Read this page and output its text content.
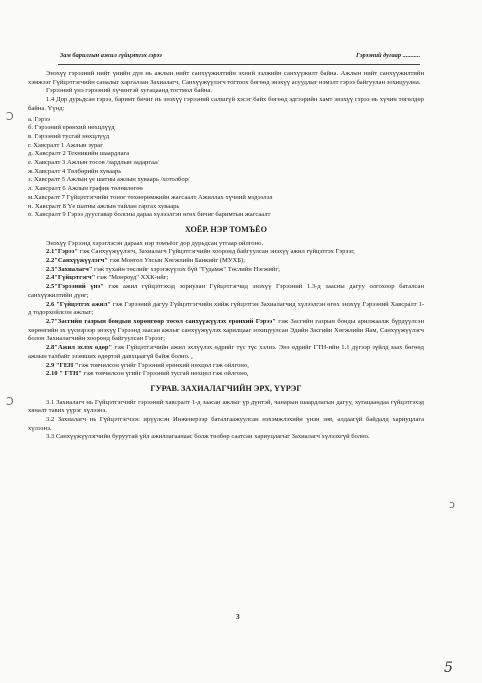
Зам барилгын ажил гүйцэтгэх гэрээ	Гэрээний дугаар ...........
Ɔ
Ɔ
ɔ

Энэхүү гэрээний нийт үнийн дүн нь ажлын нийт санхүүжилтийн эхний ээлжийн санхүүжилт байна. Ажлын нийт санхүүжилтийн хэмжээг Гүйцэтгэгчийн саналыг харгалзан Захиалагч, Санхүүжүүлэгч тогтоох бөгөөд энэхүү асуудлыг нэмэлт гэрээ байгуулан зохицуулна.

Гэрээний үнэ гэрээний хүчинтэй хугацаанд тогтмол байна.

1.4 Дор дурьдсан гэрээ, баримт бичиг нь энэхүү гэрээний салшгүй хэсэг байх бөгөөд эдгээрийн хамт энэхүү гэрээ нь хүчин төгөлдөр байна. Үүнд:

а. Гэрээ
б. Гэрээний ерөнхий нөхцлүүд
в. Гэрээний тусгай нөхцлүүд
г. Хавсралт 1 Ажлын зураг
д. Хавсралт 2 Техникийн шаардлага
е. Хавсралт 3 Ажлын тосов /зардлын задаргаа/
ж.Хавсралт 4 Төлбөрийн хуваарь
з. Хавсралт 5 Ажлын үе шатны ажлын хуваарь /хотолбор/
л. Хавсралт 6 Ажлын график төлөвлөгөө
м.Хавсралт 7 Гүйцэтгэгчийн тоног төхөөрөмжийн жагсаалт Ажиллах хүчний мэдээлэл
н. Хавсралт 8 Үе шатны ажлын тайлан гаргах хуваарь
о. Хавсралт 9 Гэрээ дуусгавар болсны дараа хүлээлгэн өгөх бичиг баримтын жагсаалт
ХОЁР. НЭР ТОМЪЁО

Энэхүү Гэрээнд хэрэглэсэн дараах нэр томъёог дор дурьдсан утгаар ойлгоно.

2.1"Гэрээ" гэж Санхүүжүүлэгч, Захиалагч Гүйцэтгэгчийн хооронд байгуулсан энэхүү ажил гүйцэтгэх Гэрээг,

2.2"Санхүүжүүлэгч" гэж Монгол Улсын Хөгжлийн Банкийг (МУХБ);

2.3"Захиалагч" гэж тухайн төслийг хэрэгжүүлэх бүй "Гудамж" Төслийн Нэгжийг;

2.4"Гүйцэтгэгч" гэж "Монроуд" ХХК-ийг;

2.5"Гэрээний үнэ" гэж ажил гүйцэтгэхэд зориулан Гүйцэтгэгчид энэхүү Гэрээний 1.3-д заасны дагуу олгохоор баталсан санхүүжилтийн дүнг;

2.6 "Гүйцэтгэх ажил" гэж Гэрээний дагуу Гүйцэтгэгчийн хийж гүйцэтгэн Захиалагчид хүлээлгэн өгөх энэхүү Гэрээний Хавсралт 1-д тодорхойлсон ажлыг;

2.7"Засгийн газрын бондын хөрөнгөөр төсөл санхүүжүүлэх ерөнхий Гэрээ" гэж Засгийн газрын бонды арилжаалж бүрдүүлсэн хөрөнгийн эх үүсвэрээр энэхүү Гэрээнд заасан ажлыг санхүүжүүлэх харилцааг зохицуулсан Эдийн Засгийн Хөгжлийн Яам, Санхүүжүүлэгч болон Захиалагчийн хооронд байгуулсан Гэрээг;

2.8"Ажил эхлэх өдөр" гэж Гүйцэтгэгчийн ажил эхлүүлэх өдрийг түс түс хэлнэ. Энэ өдрийг ГТН-ийн 1.1 дүгээр зүйлд заах бөгөөд ажлын талбайг эзэмших өдөртэй давхцаагүй байж болно. ,

2.9 "ГЕН "гэж товчилсон үгийг Гэрээний ерөнхий нөхцөл гэж ойлгоно,

2.10 " ГТН" гэж товчилсон үгийг Гэрээний тусгай нөхцөл гэж ойлгоно,

ГУРАВ. ЗАХИАЛАГЧИЙН ЭРХ, ҮҮРЭГ

3.1 Захиалагч нь Гүйцэтгэгчийг гэрээний хавсралт 1-д заасан ажлыг үр дүнтэй, чанарын шаардлагын дагуу, хугацаандаа гүйцэтгэхэд хяналт тавих үүрэг хүлээнэ.

3.2 Захиалагч нь Гүйцэтгэгчээс ирүүлсэн Инженерээр баталгаажуулсан нэхэмжлэхийн үнэн зөв, алдаагүй байдалд хариуцлага хүлээнэ.

3.3 Санхүүжүүлэгчийн буруутай үйл ажиллагаанаас болж төлбөр саатсан хариуцлагыг Захиалагч хүлээхгүй болно.

3
5
